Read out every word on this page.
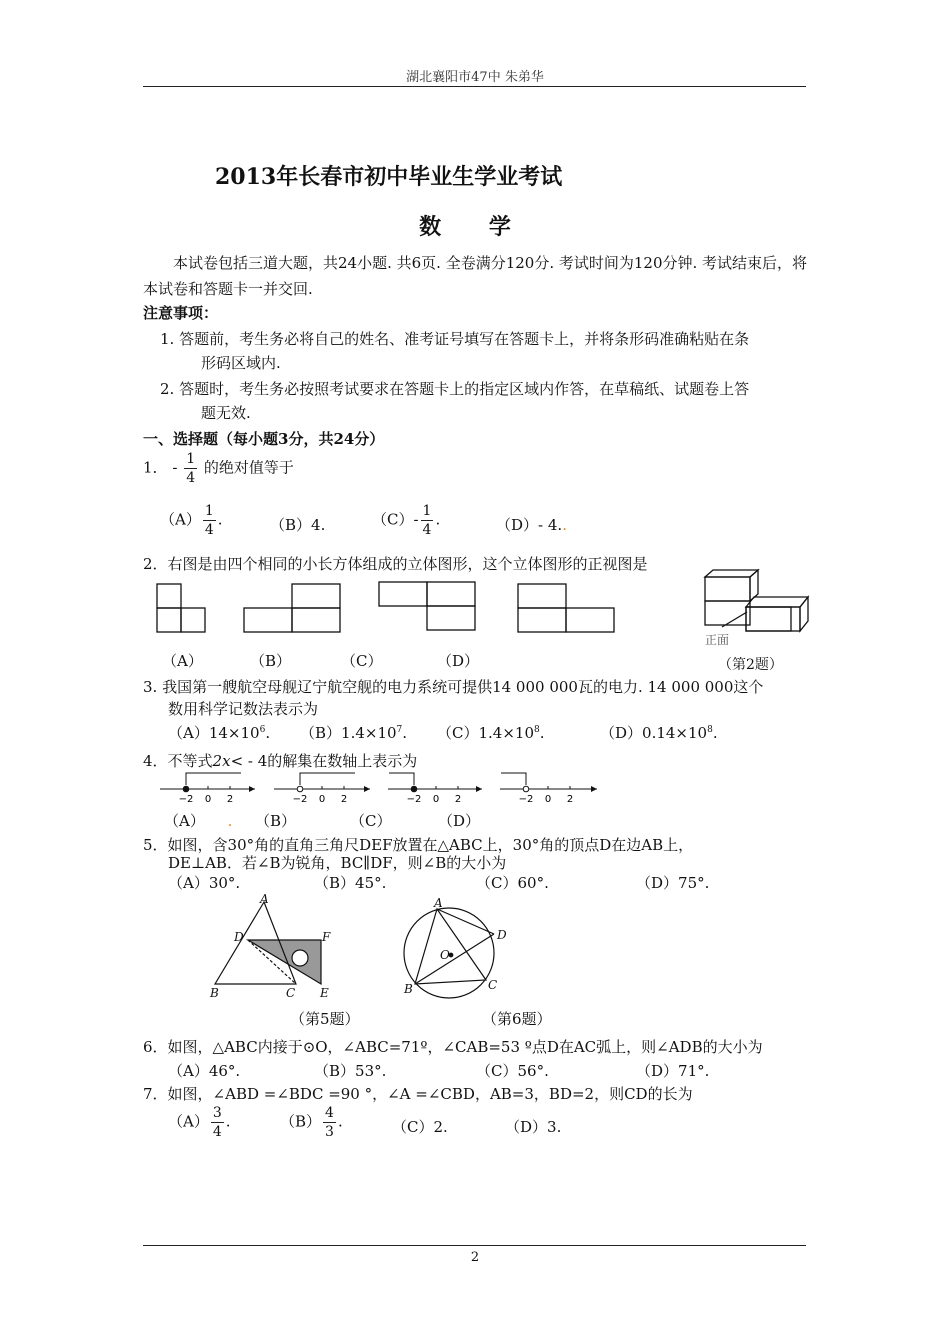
湖北襄阳市47中 朱弟华
2013年长春市初中毕业生学业考试
数 学
本试卷包括三道大题，共24小题. 共6页. 全卷满分120分. 考试时间为120分钟. 考试结束后，将本试卷和答题卡一并交回.
注意事项：
1. 答题前，考生务必将自己的姓名、准考证号填写在答题卡上，并将条形码准确粘贴在条
形码区域内.
2. 答题时，考生务必按照考试要求在答题卡上的指定区域内作答，在草稿纸、试题卷上答
题无效.
一、选择题（每小题3分，共24分）
1． - $\frac{1}{4}$ 的绝对值等于
$(A) \frac{1}{4}$ .	（B）4.	$(C)- \frac{1}{4}$ .	（D）- 4..
2．右图是由四个相同的小长方体组成的立体图形，这个立体图形的正视图是
正面
（A）	（B）	（C）	（D）	（第2题）
3. 我国第一艘航空母舰辽宁航空舰的电力系统可提供14 000 000瓦的电力. 14 000 000这个
数用科学记数法表示为
$(A)14\times 10^6$. $(B)1.4\times 10^7$. $(C)1.4\times 10^8$.	$(D)0.14\times 10^8$.
4．不等式2x< - 4的解集在数轴上表示为
−2 0 2	−2 0 2	−2 0 2	−2 0 2
（A） . （B）	（C）	（D）
5．如图，含30°角的直角三角尺DEF放置在△ABC上，30°角的顶点D在边AB上，
DE⊥AB．若∠B为锐角，BC∥DF，则∠B的大小为
（A）30°.	（B）45°.	（C）60°.	（D）75°.
A
D	F
B	C E
A
D
O
B	C
（第5题）	（第6题）
6．如图，△ABC内接于⊙O，∠ABC=71º，∠CAB=53 º点D在AC弧上，则∠ADB的大小为
（A）46°.	（B）53°.	（C）56°.	（D）71°.
7．如图，∠ABD =∠BDC =90 °，∠A =∠CBD，AB=3，BD=2，则CD的长为
$(A) \frac{3}{4}$ .	$(B) \frac{4}{3}$ .	（C）2.	（D）3.
2
